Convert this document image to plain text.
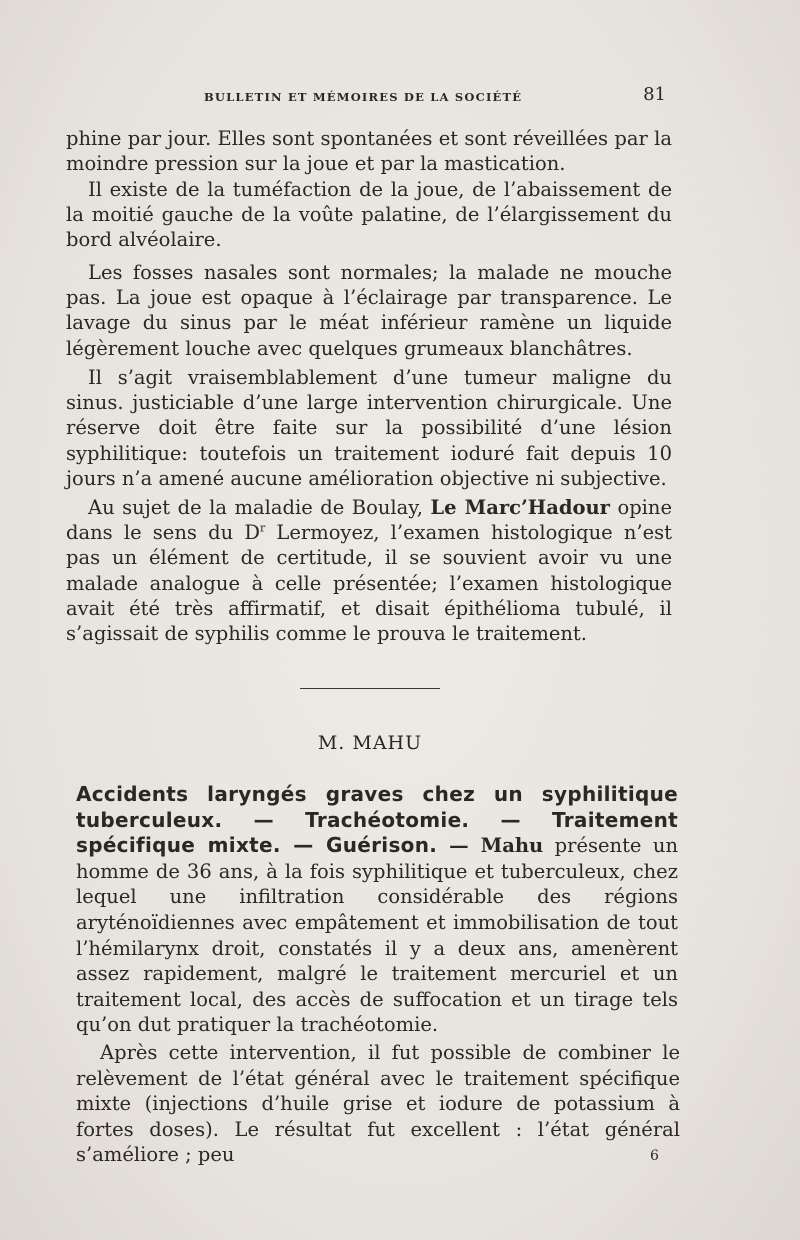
BULLETIN ET MÉMOIRES DE LA SOCIÉTÉ	81

phine par jour. Elles sont spontanées et sont réveillées par la moindre pression sur la joue et par la mastication.

Il existe de la tuméfaction de la joue, de l’abaissement de la moitié gauche de la voûte palatine, de l’élargissement du bord alvéolaire.

Les fosses nasales sont normales; la malade ne mouche pas. La joue est opaque à l’éclairage par transparence. Le lavage du sinus par le méat inférieur ramène un liquide légèrement louche avec quelques grumeaux blanchâtres.

Il s’agit vraisemblablement d’une tumeur maligne du sinus. justiciable d’une large intervention chirurgicale. Une réserve doit être faite sur la possibilité d’une lésion syphilitique: toutefois un traitement ioduré fait depuis 10 jours n’a amené aucune amélioration objective ni subjective.

Au sujet de la maladie de Boulay, Le Marc’Hadour opine dans le sens du $D^r$ Lermoyez, l’examen histologique n’est pas un élément de certitude, il se souvient avoir vu une malade analogue à celle présentée; l’examen histologique avait été très affirmatif, et disait épithélioma tubulé, il s’agissait de syphilis comme le prouva le traitement.

M. MAHU

Accidents laryngés graves chez un syphilitique tuberculeux. — Trachéotomie. — Traitement spécifique mixte. — Guérison. — Mahu présente un homme de 36 ans, à la fois syphilitique et tuberculeux, chez lequel une infiltration considérable des régions aryténoïdiennes avec empâtement et immobilisation de tout l’hémilarynx droit, constatés il y a deux ans, amenèrent assez rapidement, malgré le traitement mercuriel et un traitement local, des accès de suffocation et un tirage tels qu’on dut pratiquer la trachéotomie.

Après cette intervention, il fut possible de combiner le relèvement de l’état général avec le traitement spécifique mixte (injections d’huile grise et iodure de potassium à fortes doses). Le résultat fut excellent : l’état général s’améliore ; peu	6
